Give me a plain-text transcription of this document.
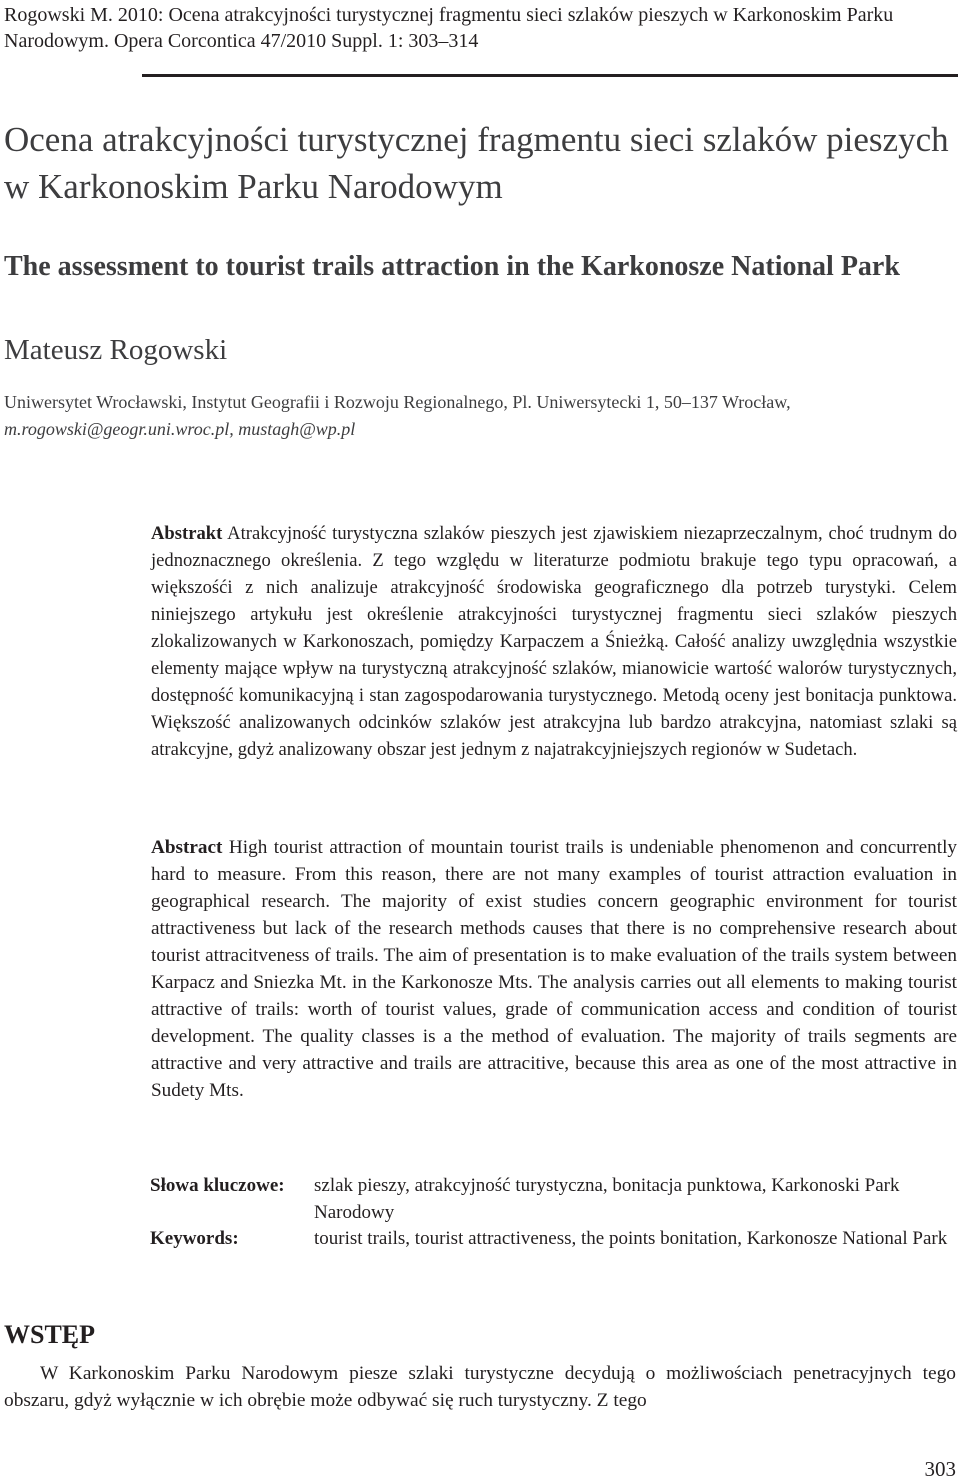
Rogowski M. 2010: Ocena atrakcyjności turystycznej fragmentu sieci szlaków pieszych w Karkonoskim Parku Narodowym. Opera Corcontica 47/2010 Suppl. 1: 303–314
Ocena atrakcyjności turystycznej fragmentu sieci szlaków pieszych w Karkonoskim Parku Narodowym
The assessment to tourist trails attraction in the Karkonosze National Park
Mateusz Rogowski
Uniwersytet Wrocławski, Instytut Geografii i Rozwoju Regionalnego, Pl. Uniwersytecki 1, 50–137 Wrocław,
m.rogowski@geogr.uni.wroc.pl, mustagh@wp.pl
Abstrakt Atrakcyjność turystyczna szlaków pieszych jest zjawiskiem niezaprzeczalnym, choć trudnym do jednoznacznego określenia. Z tego względu w literaturze podmiotu brakuje tego typu opracowań, a większośći z nich analizuje atrakcyjność środowiska geograficznego dla potrzeb turystyki. Celem niniejszego artykułu jest określenie atrakcyjności turystycznej fragmentu sieci szlaków pieszych zlokalizowanych w Karkonoszach, pomiędzy Karpaczem a Śnieżką. Całość analizy uwzględnia wszystkie elementy mające wpływ na turystyczną atrakcyjność szlaków, mianowicie wartość walorów turystycznych, dostępność komunikacyjną i stan zagospodarowania turystycznego. Metodą oceny jest bonitacja punktowa. Większość analizowanych odcinków szlaków jest atrakcyjna lub bardzo atrakcyjna, natomiast szlaki są atrakcyjne, gdyż analizowany obszar jest jednym z najatrakcyjniejszych regionów w Sudetach.
Abstract High tourist attraction of mountain tourist trails is undeniable phenomenon and concurrently hard to measure. From this reason, there are not many examples of tourist attraction evaluation in geographical research. The majority of exist studies concern geographic environment for tourist attractiveness but lack of the research methods causes that there is no comprehensive research about tourist attracitveness of trails. The aim of presentation is to make evaluation of the trails system between Karpacz and Sniezka Mt. in the Karkonosze Mts. The analysis carries out all elements to making tourist attractive of trails: worth of tourist values, grade of communication access and condition of tourist development. The quality classes is a the method of evaluation. The majority of trails segments are attractive and very attractive and trails are attracitive, because this area as one of the most attractive in Sudety Mts.
Słowa kluczowe: szlak pieszy, atrakcyjność turystyczna, bonitacja punktowa, Karkonoski Park Narodowy
Keywords:	tourist trails, tourist attractiveness, the points bonitation, Karkonosze National Park
WSTĘP
W Karkonoskim Parku Narodowym piesze szlaki turystyczne decydują o możliwościach penetracyjnych tego obszaru, gdyż wyłącznie w ich obrębie może odbywać się ruch turystyczny. Z tego
303
